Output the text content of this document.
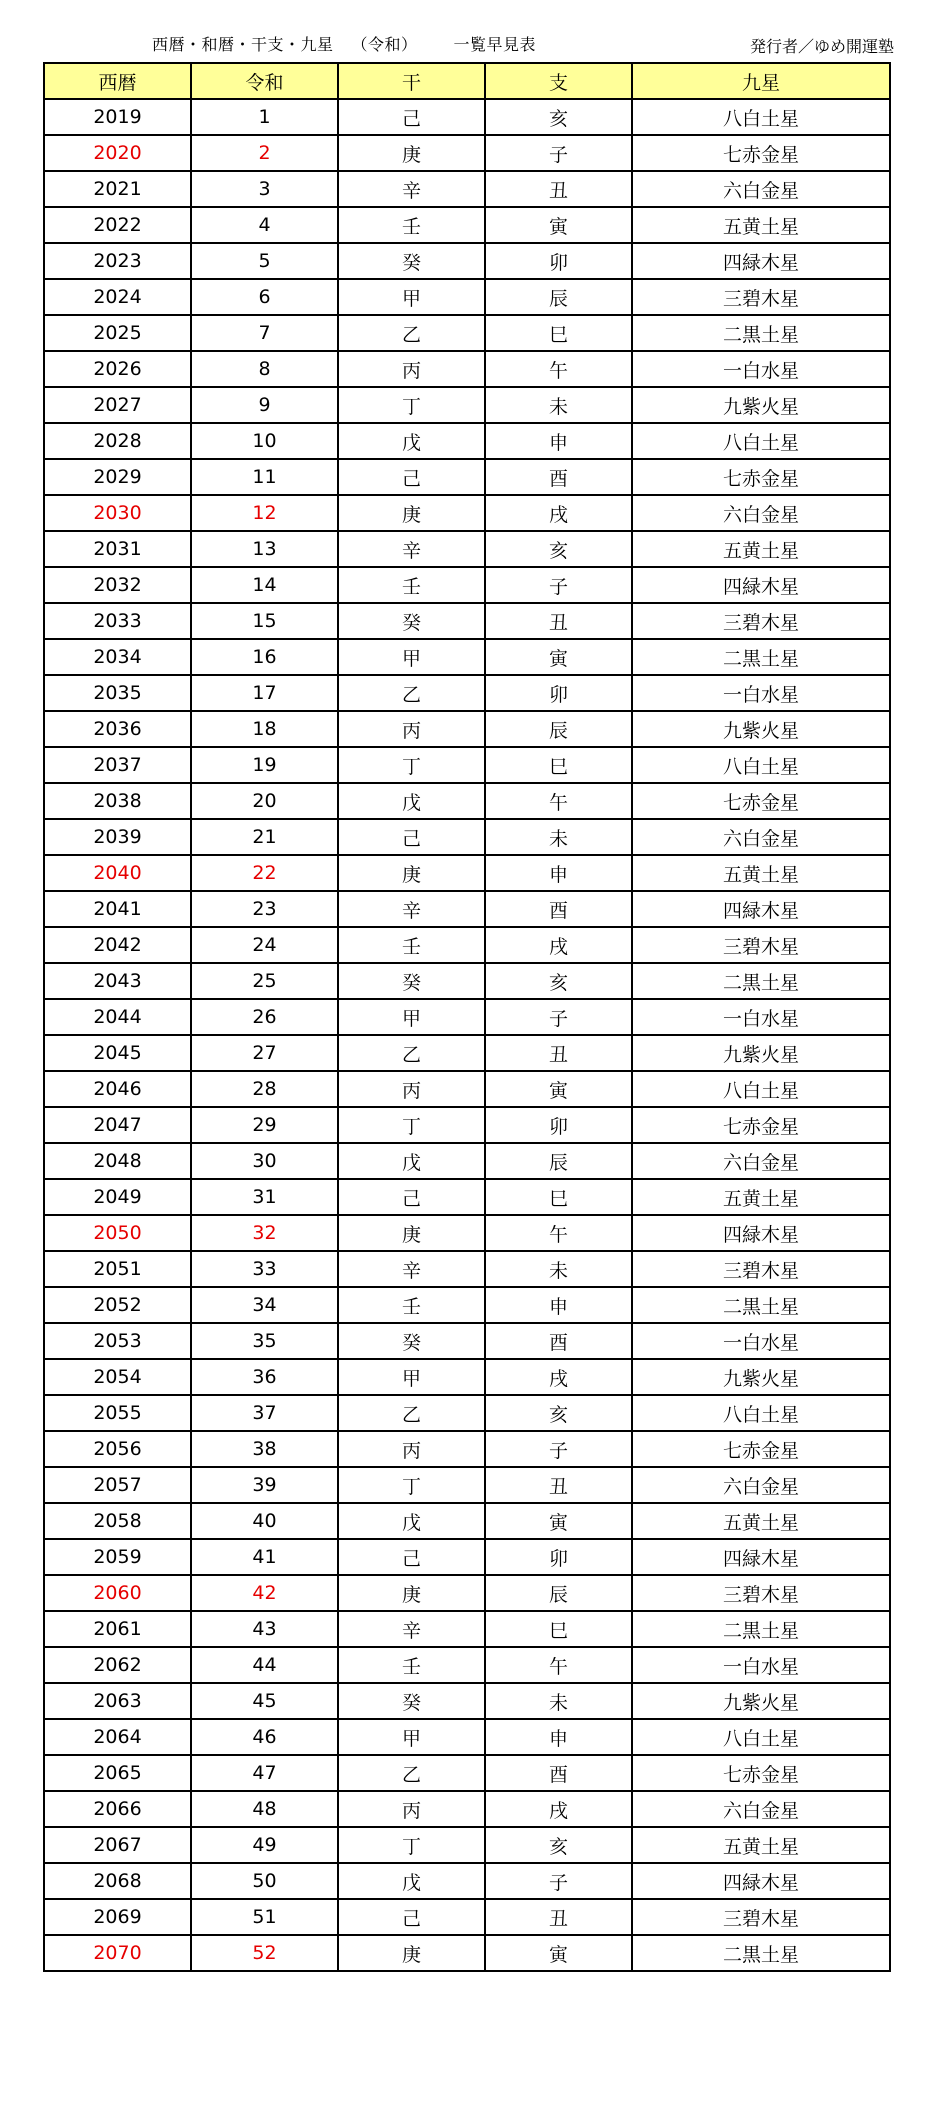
西暦・和暦・干支・九星 （令和） 一覧早見表	発行者／ゆめ開運塾
西暦	令和	干	支	九星
2019	1	己	亥	八白土星
2020	2	庚	子	七赤金星
2021	3	辛	丑	六白金星
2022	4	壬	寅	五黄土星
2023	5	癸	卯	四緑木星
2024	6	甲	辰	三碧木星
2025	7	乙	巳	二黒土星
2026	8	丙	午	一白水星
2027	9	丁	未	九紫火星
2028	10	戊	申	八白土星
2029	11	己	酉	七赤金星
2030	12	庚	戌	六白金星
2031	13	辛	亥	五黄土星
2032	14	壬	子	四緑木星
2033	15	癸	丑	三碧木星
2034	16	甲	寅	二黒土星
2035	17	乙	卯	一白水星
2036	18	丙	辰	九紫火星
2037	19	丁	巳	八白土星
2038	20	戊	午	七赤金星
2039	21	己	未	六白金星
2040	22	庚	申	五黄土星
2041	23	辛	酉	四緑木星
2042	24	壬	戌	三碧木星
2043	25	癸	亥	二黒土星
2044	26	甲	子	一白水星
2045	27	乙	丑	九紫火星
2046	28	丙	寅	八白土星
2047	29	丁	卯	七赤金星
2048	30	戊	辰	六白金星
2049	31	己	巳	五黄土星
2050	32	庚	午	四緑木星
2051	33	辛	未	三碧木星
2052	34	壬	申	二黒土星
2053	35	癸	酉	一白水星
2054	36	甲	戌	九紫火星
2055	37	乙	亥	八白土星
2056	38	丙	子	七赤金星
2057	39	丁	丑	六白金星
2058	40	戊	寅	五黄土星
2059	41	己	卯	四緑木星
2060	42	庚	辰	三碧木星
2061	43	辛	巳	二黒土星
2062	44	壬	午	一白水星
2063	45	癸	未	九紫火星
2064	46	甲	申	八白土星
2065	47	乙	酉	七赤金星
2066	48	丙	戌	六白金星
2067	49	丁	亥	五黄土星
2068	50	戊	子	四緑木星
2069	51	己	丑	三碧木星
2070	52	庚	寅	二黒土星
